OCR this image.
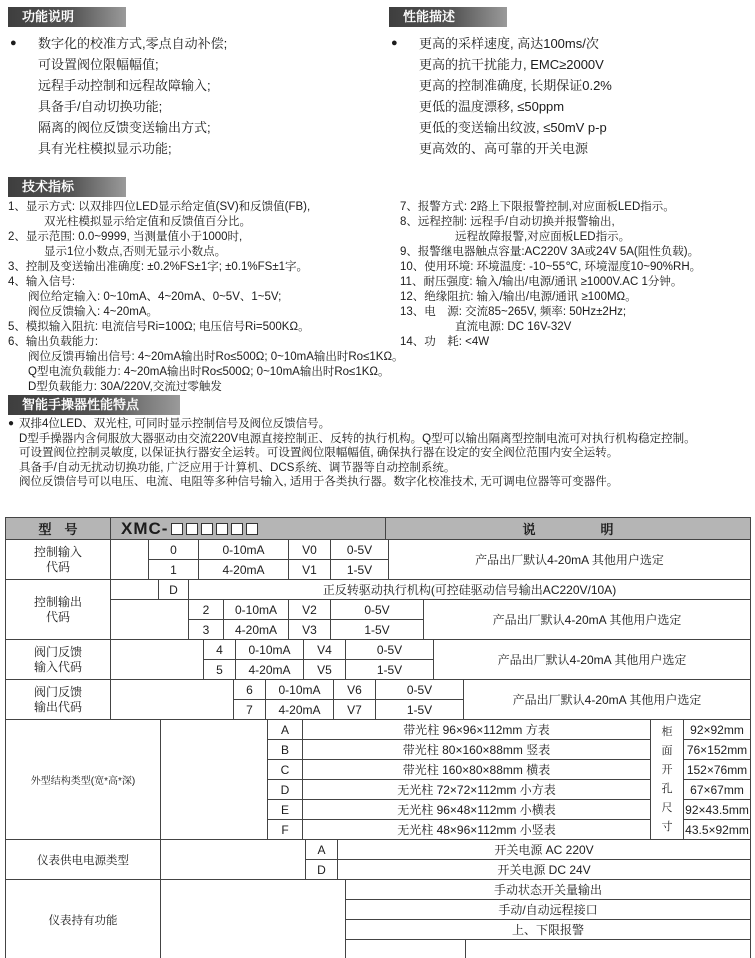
功能说明	性能描述
技术指标
智能手操器性能特点
● 数字化的校准方式,零点自动补偿;
可设置阀位限幅幅值;
远程手动控制和远程故障输入;
具备手/自动切换功能;
隔离的阀位反馈变送输出方式;
具有光柱模拟显示功能;
● 更高的采样速度, 高达100ms/次
更高的抗干扰能力, EMC≥2000V
更高的控制准确度, 长期保证0.2%
更低的温度漂移, ≤50ppm
更低的变送输出纹波, ≤50mV p-p
更高效的、高可靠的开关电源
1、显示方式: 以双排四位LED显示给定值(SV)和反馈值(FB),
双光柱模拟显示给定值和反馈值百分比。
2、显示范围: 0.0~9999, 当测量值小于1000时,
显示1位小数点,否则无显示小数点。
3、控制及变送输出准确度: ±0.2%FS±1字; ±0.1%FS±1字。
4、输入信号:
阀位给定输入: 0~10mA、4~20mA、0~5V、1~5V;
阀位反馈输入: 4~20mA。
5、模拟输入阻抗: 电流信号Ri=100Ω; 电压信号Ri=500KΩ。
6、输出负载能力:
阀位反馈再输出信号: 4~20mA输出时Ro≤500Ω; 0~10mA输出时Ro≤1KΩ。
Q型电流负载能力: 4~20mA输出时Ro≤500Ω; 0~10mA输出时Ro≤1KΩ。
D型负载能力: 30A/220V,交流过零触发
7、报警方式: 2路上下限报警控制,对应面板LED指示。
8、远程控制: 远程手/自动切换并报警输出,
远程故障报警,对应面板LED指示。
9、报警继电器触点容量:AC220V 3A或24V 5A(阻性负载)。
10、使用环境: 环境温度: -10~55℃, 环境湿度10~90%RH。
11、耐压强度: 输入/输出/电源/通讯 ≥1000V.AC 1分钟。
12、绝缘阻抗: 输入/输出/电源/通讯 ≥100MΩ。
13、电　源: 交流85~265V, 频率: 50Hz±2Hz;
直流电源: DC 16V-32V
14、功　耗: <4W
● 双排4位LED、双光柱, 可同时显示控制信号及阀位反馈信号。
D型手操器内含伺服放大器驱动由交流220V电源直接控制正、反转的执行机构。Q型可以输出隔离型控制电流可对执行机构稳定控制。
可设置阀位控制灵敏度, 以保证执行器安全运转。可设置阀位限幅幅值, 确保执行器在设定的安全阀位范围内安全运转。
具备手/自动无扰动切换功能, 广泛应用于计算机、DCS系统、调节器等自动控制系统。
阀位反馈信号可以电压、电流、电阻等多种信号输入, 适用于各类执行器。数字化校准技术, 无可调电位器等可变器件。
型　号	XMC-	说　　　　　明
控制输入代码
0	0-10mA	V0	0-5V
产品出厂默认4-20mA 其他用户选定
1	4-20mA	V1	1-5V
控制输出代码
D	正反转驱动执行机构(可控硅驱动信号输出AC220V/10A)
2	0-10mA	V2	0-5V
产品出厂默认4-20mA 其他用户选定
3	4-20mA	V3	1-5V
阀门反馈输入代码
4	0-10mA	V4	0-5V
产品出厂默认4-20mA 其他用户选定
5	4-20mA	V5	1-5V
阀门反馈输出代码
6	0-10mA	V6	0-5V
产品出厂默认4-20mA 其他用户选定
7	4-20mA	V7	1-5V
外型结构类型(宽*高*深)
A	带光柱 96×96×112mm 方表	92×92mm
B	带光柱 80×160×88mm 竖表	76×152mm
C	带光柱 160×80×88mm 横表	152×76mm
D	无光柱 72×72×112mm 小方表	67×67mm
E	无光柱 96×48×112mm 小横表	92×43.5mm
F	无光柱 48×96×112mm 小竖表	43.5×92mm
柜面开孔尺寸
仪表供电电源类型
A	开关电源 AC 220V
D	开关电源 DC 24V
仪表持有功能
手动状态开关量输出
手动/自动远程接口
上、下限报警
